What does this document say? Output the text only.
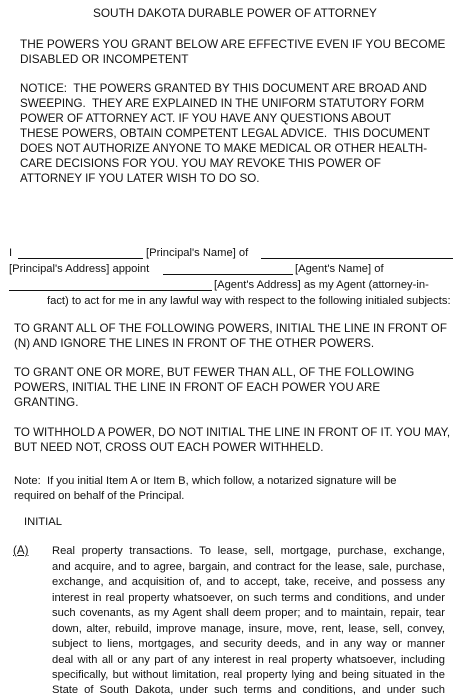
SOUTH DAKOTA DURABLE POWER OF ATTORNEY
THE POWERS YOU GRANT BELOW ARE EFFECTIVE EVEN IF YOU BECOME
DISABLED OR INCOMPETENT
NOTICE:  THE POWERS GRANTED BY THIS DOCUMENT ARE BROAD AND
SWEEPING.  THEY ARE EXPLAINED IN THE UNIFORM STATUTORY FORM
POWER OF ATTORNEY ACT. IF YOU HAVE ANY QUESTIONS ABOUT
THESE POWERS, OBTAIN COMPETENT LEGAL ADVICE.  THIS DOCUMENT
DOES NOT AUTHORIZE ANYONE TO MAKE MEDICAL OR OTHER HEALTH-
CARE DECISIONS FOR YOU. YOU MAY REVOKE THIS POWER OF
ATTORNEY IF YOU LATER WISH TO DO SO.
I	[Principal's Name] of
[Principal's Address] appoint	[Agent's Name] of
[Agent's Address] as my Agent (attorney-in-
fact) to act for me in any lawful way with respect to the following initialed subjects:
TO GRANT ALL OF THE FOLLOWING POWERS, INITIAL THE LINE IN FRONT OF
(N) AND IGNORE THE LINES IN FRONT OF THE OTHER POWERS.
TO GRANT ONE OR MORE, BUT FEWER THAN ALL, OF THE FOLLOWING
POWERS, INITIAL THE LINE IN FRONT OF EACH POWER YOU ARE
GRANTING.
TO WITHHOLD A POWER, DO NOT INITIAL THE LINE IN FRONT OF IT. YOU MAY,
BUT NEED NOT, CROSS OUT EACH POWER WITHHELD.
Note:  If you initial Item A or Item B, which follow, a notarized signature will be
required on behalf of the Principal.
INITIAL
(A) Real property transactions. To lease, sell, mortgage, purchase, exchange,
and acquire, and to agree, bargain, and contract for the lease, sale, purchase,
exchange, and acquisition of, and to accept, take, receive, and possess any
interest in real property whatsoever, on such terms and conditions, and under
such covenants, as my Agent shall deem proper; and to maintain, repair, tear
down, alter, rebuild, improve manage, insure, move, rent, lease, sell, convey,
subject to liens, mortgages, and security deeds, and in any way or manner
deal with all or any part of any interest in real property whatsoever, including
specifically, but without limitation, real property lying and being situated in the
State of South Dakota, under such terms and conditions, and under such
